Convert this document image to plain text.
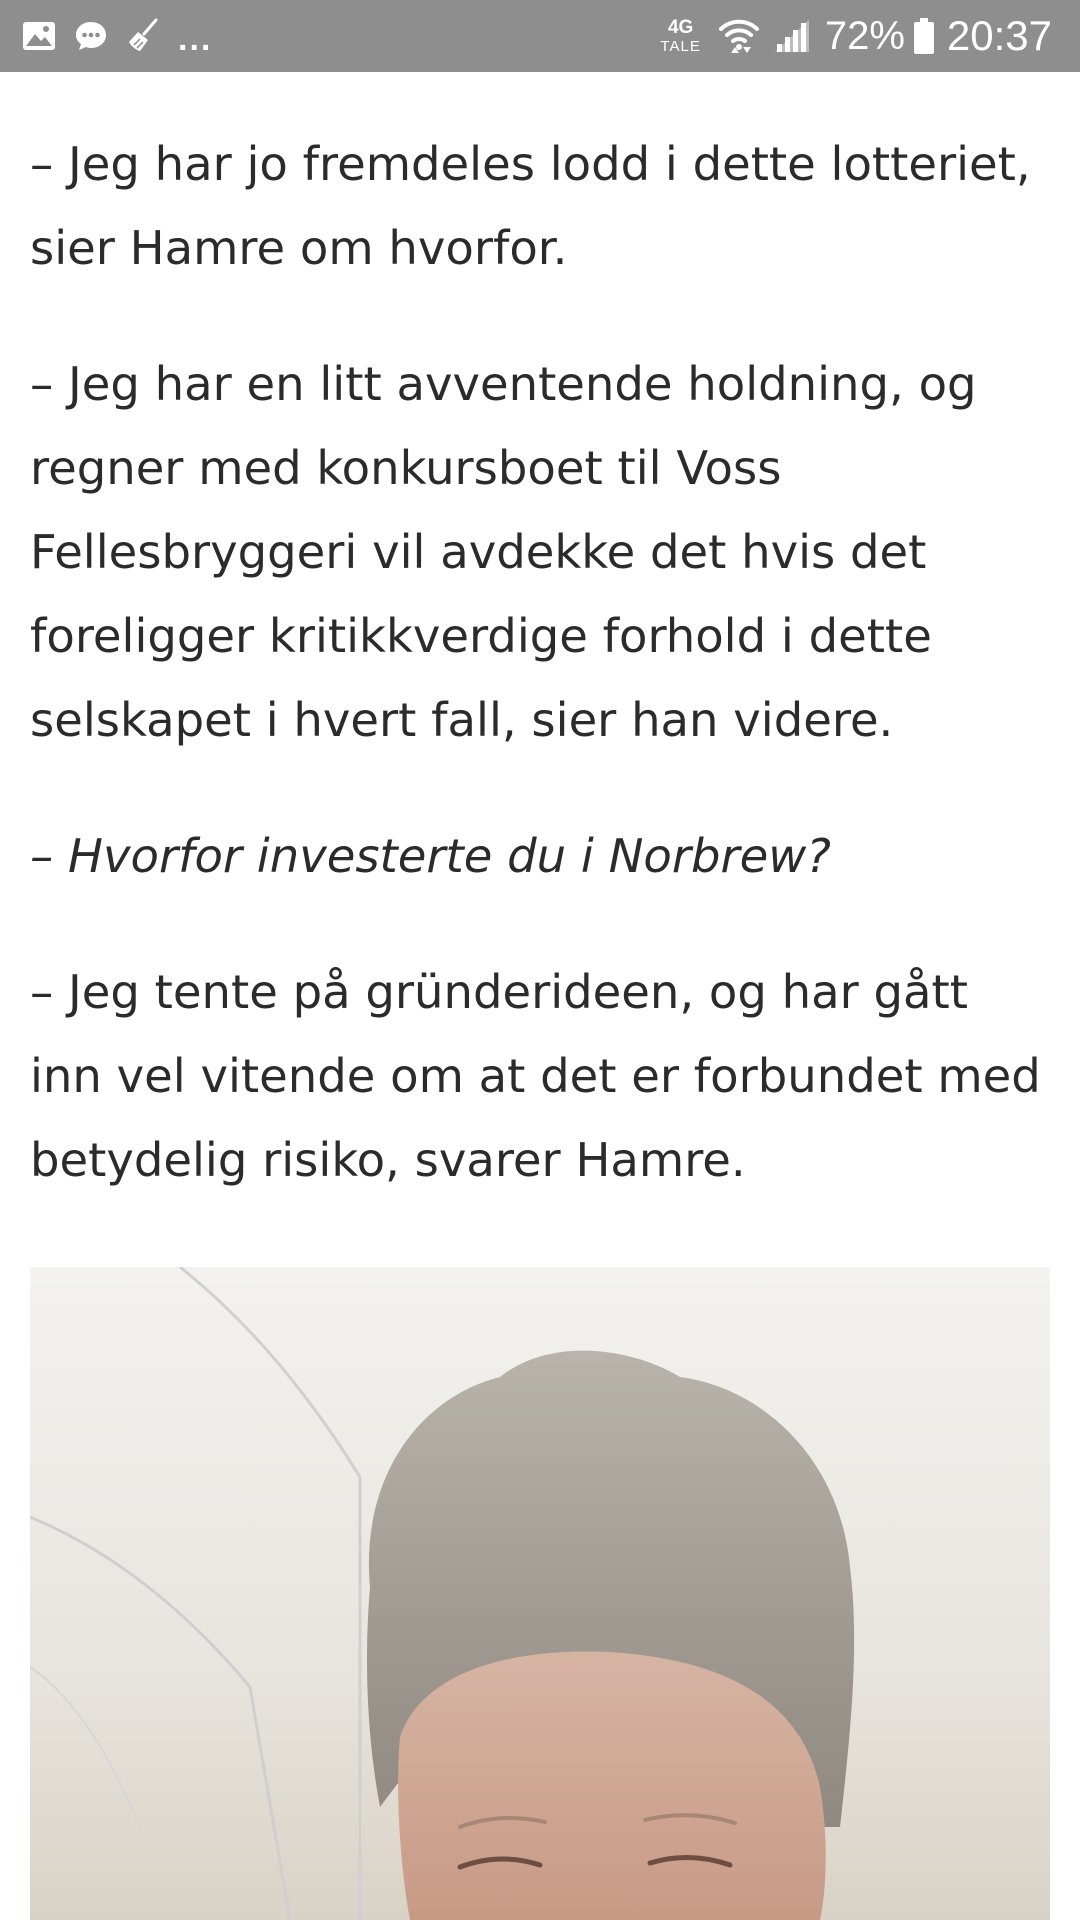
...	4G
TALE	72% 20:37

– Jeg har jo fremdeles lodd i dette lotteriet, sier Hamre om hvorfor.

– Jeg har en litt avventende holdning, og regner med konkursboet til Voss Fellesbryggeri vil avdekke det hvis det foreligger kritikkverdige forhold i dette selskapet i hvert fall, sier han videre.

– Hvorfor investerte du i Norbrew?

– Jeg tente på gründerideen, og har gått inn vel vitende om at det er forbundet med betydelig risiko, svarer Hamre.
